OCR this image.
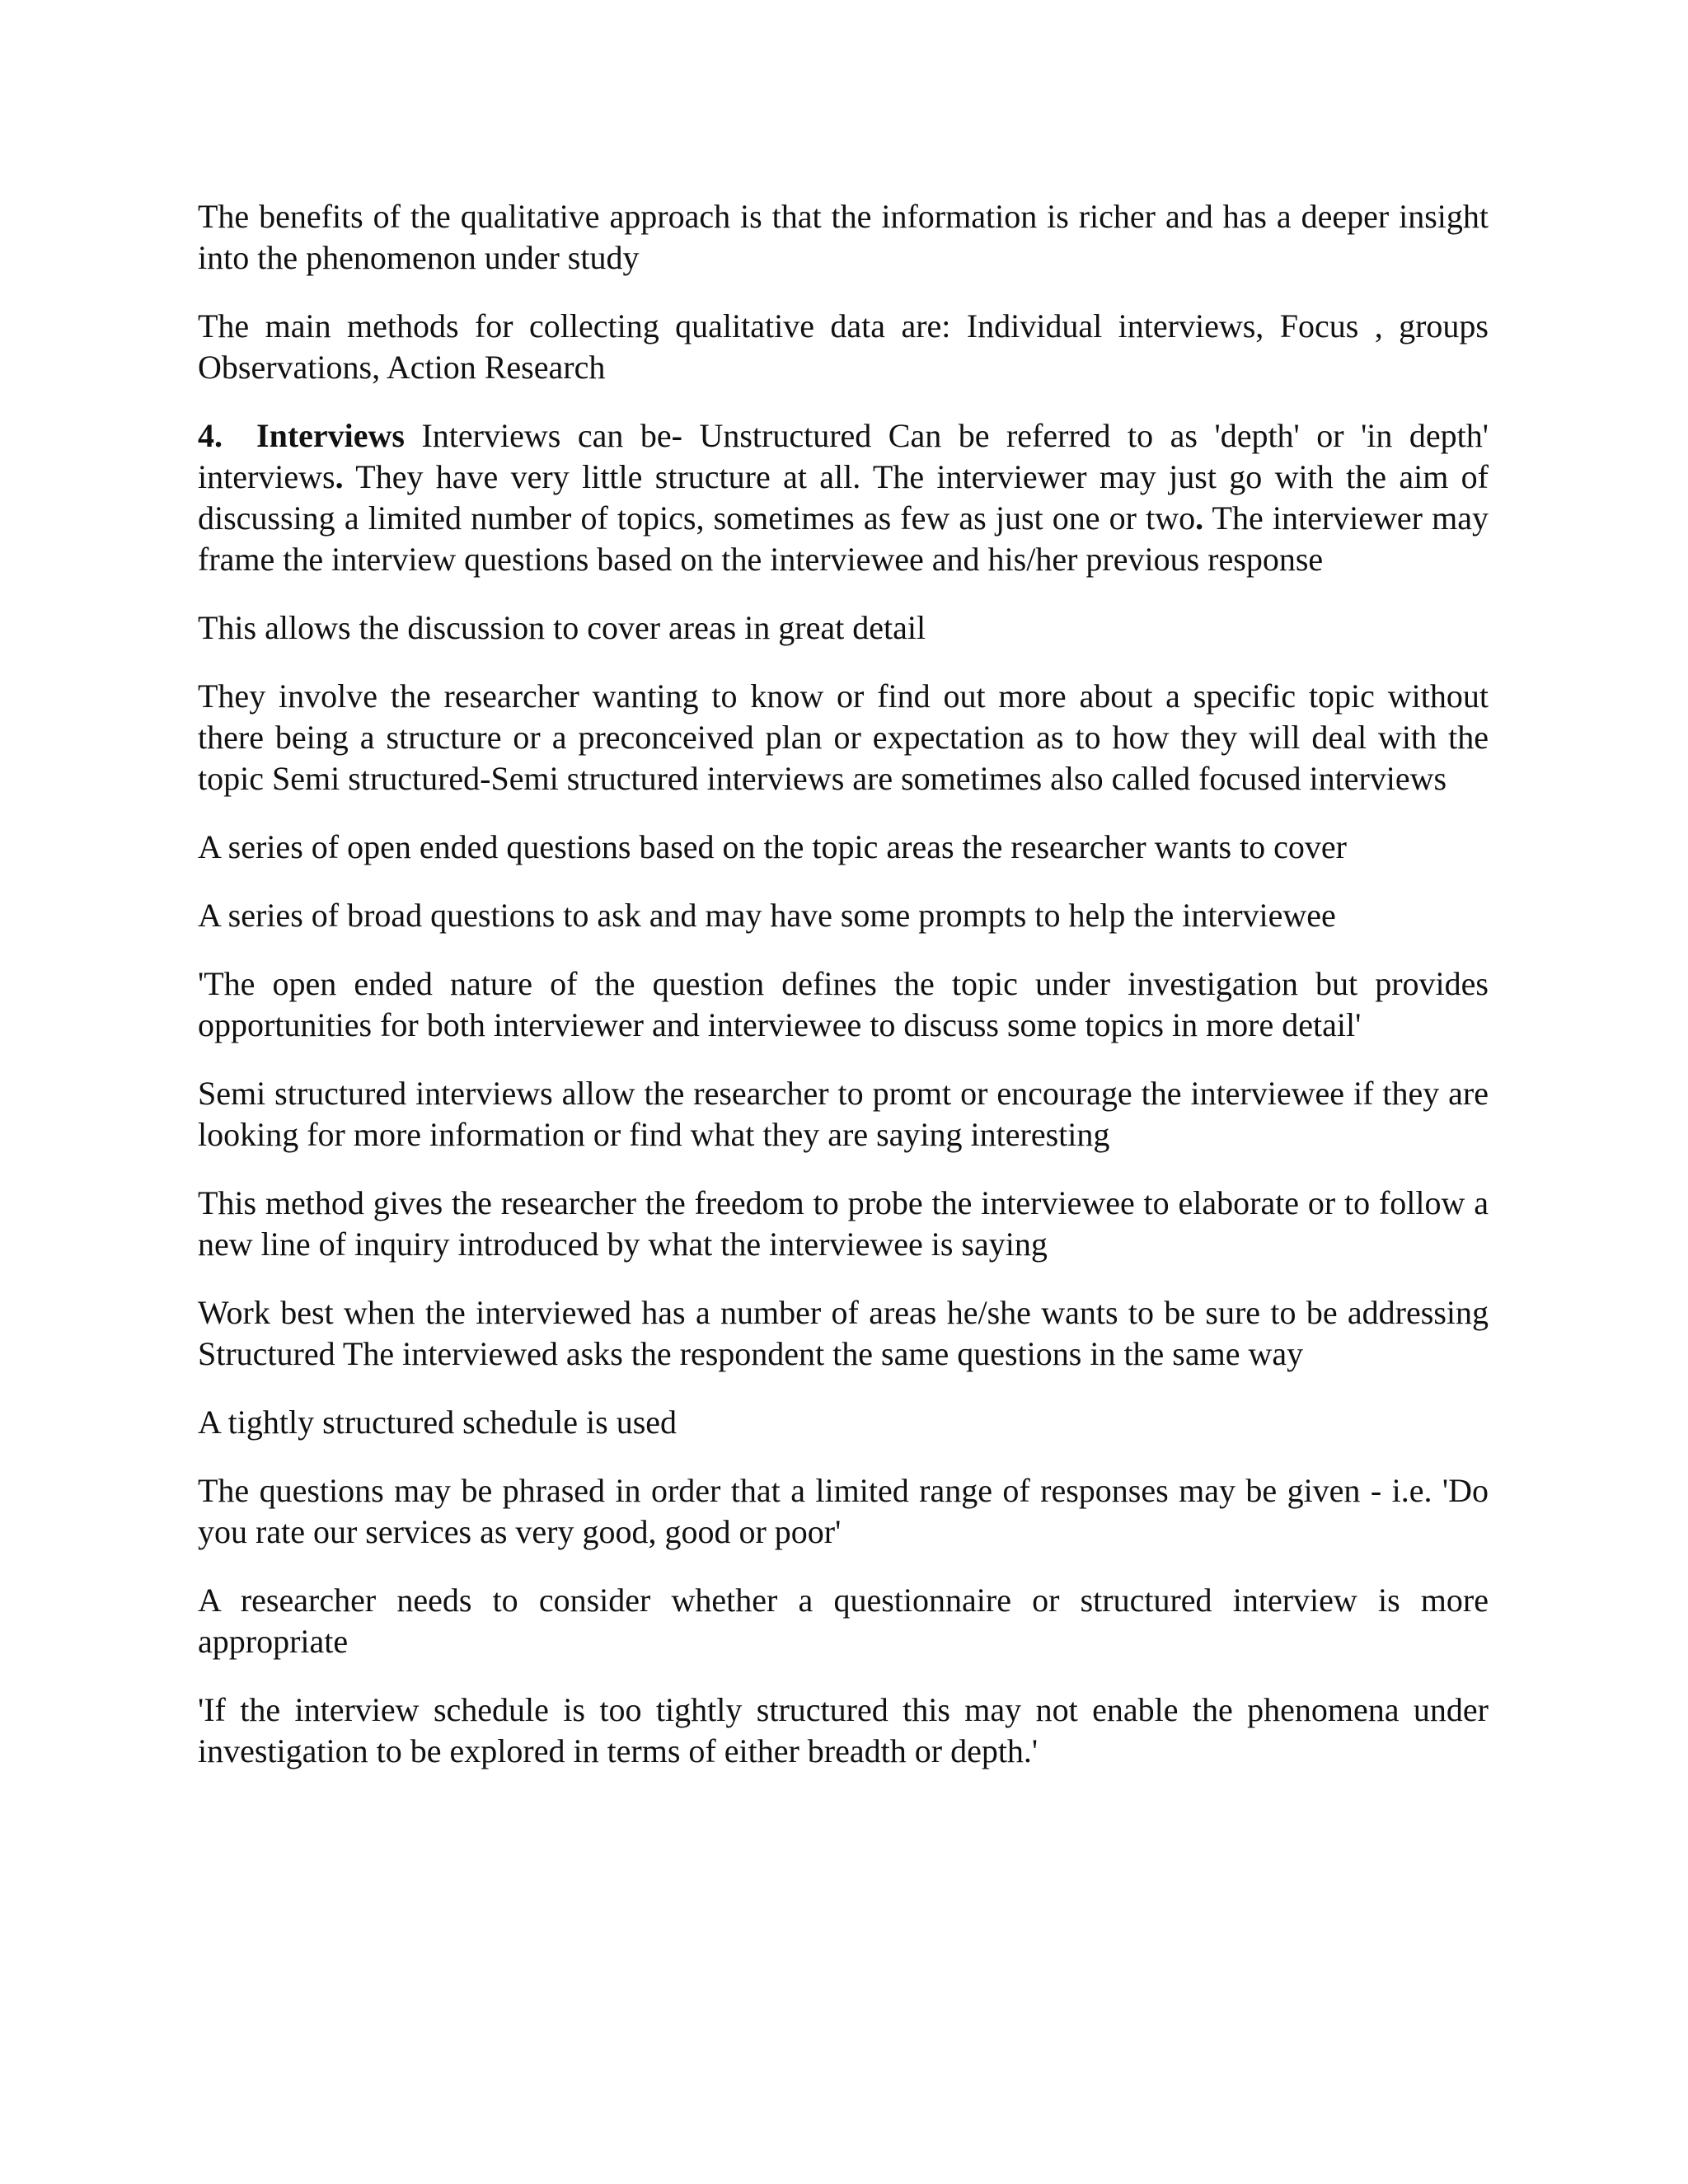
The benefits of the qualitative approach is that the information is richer and has a deeper insight into the phenomenon under study

The main methods for collecting qualitative data are: Individual interviews, Focus , groups Observations, Action Research

4. Interviews Interviews can be- Unstructured Can be referred to as 'depth' or 'in depth' interviews. They have very little structure at all. The interviewer may just go with the aim of discussing a limited number of topics, sometimes as few as just one or two. The interviewer may frame the interview questions based on the interviewee and his/her previous response

This allows the discussion to cover areas in great detail

They involve the researcher wanting to know or find out more about a specific topic without there being a structure or a preconceived plan or expectation as to how they will deal with the topic Semi structured-Semi structured interviews are sometimes also called focused interviews

A series of open ended questions based on the topic areas the researcher wants to cover

A series of broad questions to ask and may have some prompts to help the interviewee

'The open ended nature of the question defines the topic under investigation but provides opportunities for both interviewer and interviewee to discuss some topics in more detail'

Semi structured interviews allow the researcher to promt or encourage the interviewee if they are looking for more information or find what they are saying interesting

This method gives the researcher the freedom to probe the interviewee to elaborate or to follow a new line of inquiry introduced by what the interviewee is saying

Work best when the interviewed has a number of areas he/she wants to be sure to be addressing Structured The interviewed asks the respondent the same questions in the same way

A tightly structured schedule is used

The questions may be phrased in order that a limited range of responses may be given - i.e. 'Do you rate our services as very good, good or poor'

A researcher needs to consider whether a questionnaire or structured interview is more appropriate

'If the interview schedule is too tightly structured this may not enable the phenomena under investigation to be explored in terms of either breadth or depth.'
